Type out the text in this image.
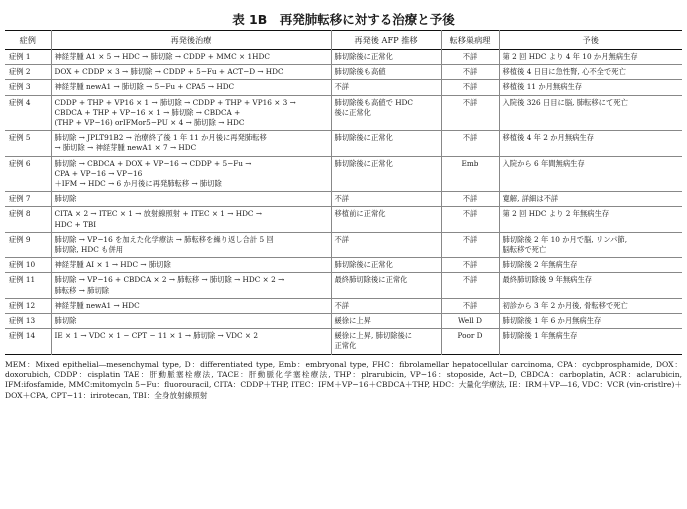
表 1B　再発肺転移に対する治療と予後
症例	再発後治療	再発後 AFP 推移	転移巣病理	予後
症例 1	神経芽腫 A1 × 5 → HDC → 肺切除 → CDDP + MMC × 1HDC	肺切除後に正常化	不詳	第 2 回 HDC より 4 年 10 か月無病生存
症例 2	DOX + CDDP × 3 → 肺切除 → CDDP + 5−Fu + ACT−D → HDC	肺切除後も高値	不詳	移植後 4 日目に急性腎, 心不全で死亡
症例 3	神経芽腫 newA1 → 肺切除 → 5−Fu + CPA5 → HDC	不詳	不詳	移植後 11 か月無病生存
症例 4	CDDP + THP + VP16 × 1 → 肺切除 → CDDP + THP + VP16 × 3 →
CBDCA + THP + VP−16 × 1 → 肺切除 → CBDCA +
(THP + VP−16) orIFMor5−PU × 4 → 肺切除 → HDC	肺切除後も高値で HDC
後に正常化	不詳	入院後 326 日目に脳, 肺転移にて死亡
症例 5	肺切除 → JPLT91B2 → 治療終了後 1 年 11 か月後に再発肺転移
→ 肺切除 → 神経芽腫 newA1 × 7 → HDC	肺切除後に正常化	不詳	移植後 4 年 2 か月無病生存
症例 6	肺切除 → CBDCA + DOX + VP−16 → CDDP + 5−Fu →
CPA + VP−16 → VP−16
＋IFM → HDC → 6 か月後に再発肺転移 → 肺切除	肺切除後に正常化	Emb	入院から 6 年間無病生存
症例 7	肺切除	不詳	不詳	寛解, 詳細は不詳
症例 8	CITA × 2 → ITEC × 1 → 放射線照射 + ITEC × 1 → HDC →
HDC + TBI	移植前に正常化	不詳	第 2 回 HDC より 2 年無病生存
症例 9	肺切除 → VP−16 を加えた化学療法 → 肺転移を繰り返し合計 5 回
肺切除, HDC も併用	不詳	不詳	肺切除後 2 年 10 か月で脳, リンパ節,
脳転移で死亡
症例 10	神経芽腫 AI × 1 → HDC → 肺切除	肺切除後に正常化	不詳	肺切除後 2 年無病生存
症例 11	肺切除 → VP−16 + CBDCA × 2 → 肺転移 → 肺切除 → HDC × 2 →
肺転移 → 肺切除	最終肺切除後に正常化	不詳	最終肺切除後 9 年無病生存
症例 12	神経芽腫 newA1 → HDC	不詳	不詳	初診から 3 年 2 か月後, 骨転移で死亡
症例 13	肺切除	緩徐に上昇	Well D	肺切除後 1 年 6 か月無病生存
症例 14	IE × 1 → VDC × 1 − CPT − 11 × 1 → 肺切除 → VDC × 2	緩徐に上昇, 肺切除後に
正常化	Poor D	肺切除後 1 年無病生存
MEM：Mixed epithelial―mesenchymal type, D：differentiated type, Emb：embryonal type, FHC：fibrolamellar hepatocellular carcinoma, CPA：cycbprosphamide, DOX：doxorubich, CDDP：cisplatin TAE：肝動脈塞栓療法, TACE：肝動脈化学塞栓療法, THP：plrarubicin, VP−16：stoposide, Act−D, CBDCA：carboplatin, ACR：aclarubicin, IFM:ifosfamide, MMC:mitomycln 5−Fu：fluorouracil, CITA：CDDP＋THP, ITEC：IFM＋VP−16＋CBDCA＋THP, HDC：大量化学療法, IE：IRM＋VP―16, VDC：VCR (vin-cristlre)＋DOX＋CPA, CPT−11：irirotecan, TBI：全身放射線照射
